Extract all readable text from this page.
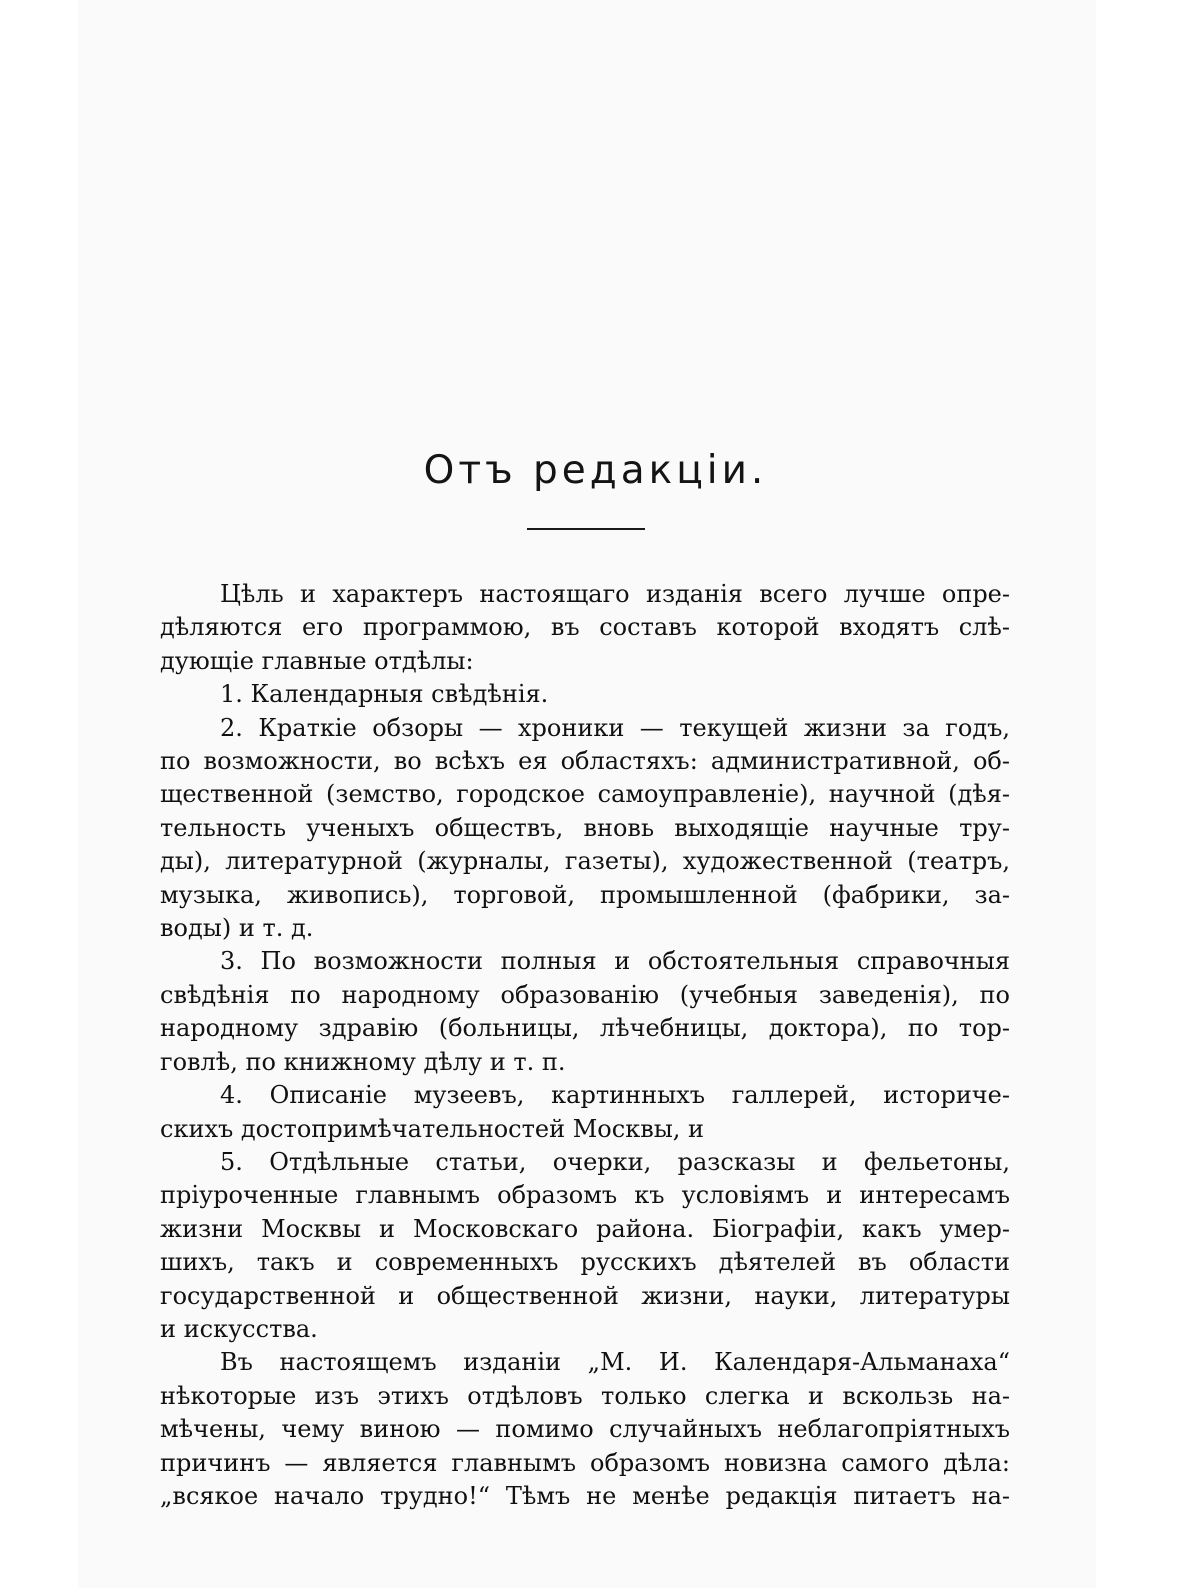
Отъ редакцiи.
Цѣль и характеръ настоящаго изданiя всего лучше опре-
дѣляются его программою, въ составъ которой входятъ слѣ-
дующiе главные отдѣлы:
1. Календарныя свѣдѣнiя.
2. Краткiе обзоры — хроники — текущей жизни за годъ,
по возможности, во всѣхъ ея областяхъ: административной, об-
щественной (земство, городское самоуправленiе), научной (дѣя-
тельность ученыхъ обществъ, вновь выходящiе научные тру-
ды), литературной (журналы, газеты), художественной (театръ,
музыка, живопись), торговой, промышленной (фабрики, за-
воды) и т. д.
3. По возможности полныя и обстоятельныя справочныя
свѣдѣнiя по народному образованiю (учебныя заведенiя), по
народному здравiю (больницы, лѣчебницы, доктора), по тор-
говлѣ, по книжному дѣлу и т. п.
4. Описанiе музеевъ, картинныхъ галлерей, историче-
скихъ достопримѣчательностей Москвы, и
5. Отдѣльные статьи, очерки, разсказы и фельетоны,
прiуроченные главнымъ образомъ къ условiямъ и интересамъ
жизни Москвы и Московскаго района. Бiографiи, какъ умер-
шихъ, такъ и современныхъ русскихъ дѣятелей въ области
государственной и общественной жизни, науки, литературы
и искусства.
Въ настоящемъ изданiи „М. И. Календаря-Альманаха“
нѣкоторые изъ этихъ отдѣловъ только слегка и вскользь на-
мѣчены, чему виною — помимо случайныхъ неблагопрiятныхъ
причинъ — является главнымъ образомъ новизна самого дѣла:
„всякое начало трудно!“ Тѣмъ не менѣе редакцiя питаетъ на-
